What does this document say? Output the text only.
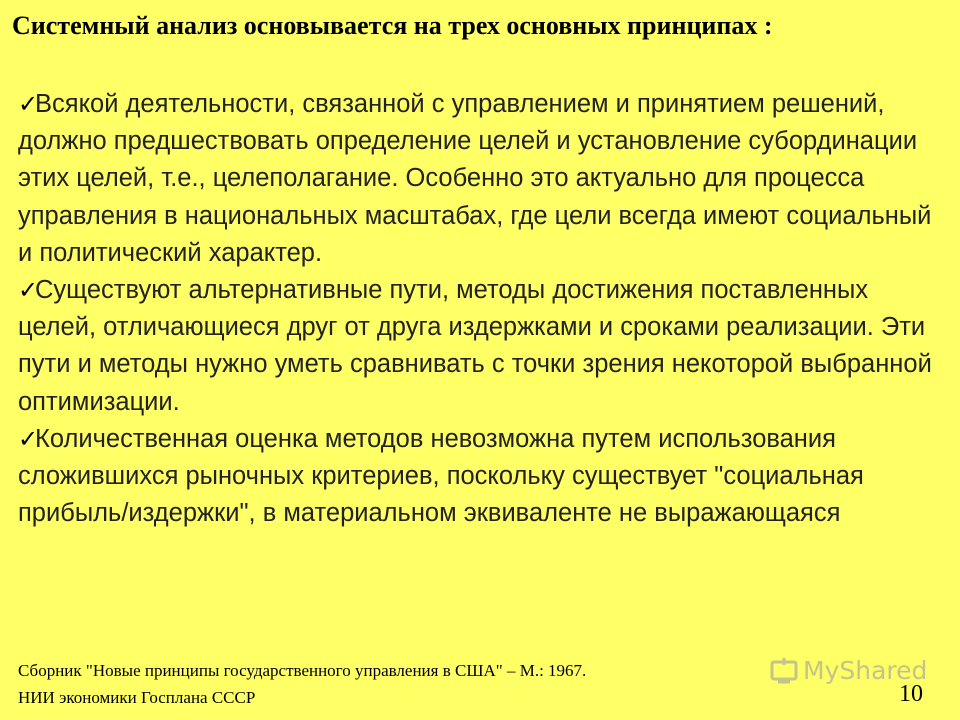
Системный анализ основывается на трех основных принципах :

✓Всякой деятельности, связанной с управлением и принятием решений, должно предшествовать определение целей и установление субординации этих целей, т.е., целеполагание. Особенно это актуально для процесса управления в национальных масштабах, где цели всегда имеют социальный и политический характер.

✓Существуют альтернативные пути, методы достижения поставленных целей, отличающиеся друг от друга издержками и сроками реализации. Эти пути и методы нужно уметь сравнивать с точки зрения некоторой выбранной оптимизации.

✓Количественная оценка методов невозможна путем использования сложившихся рыночных критериев, поскольку существует "социальная прибыль/издержки", в материальном эквиваленте не выражающаяся

Сборник "Новые принципы государственного управления в США" – М.: 1967.
НИИ экономики Госплана СССР
MyShared
10
